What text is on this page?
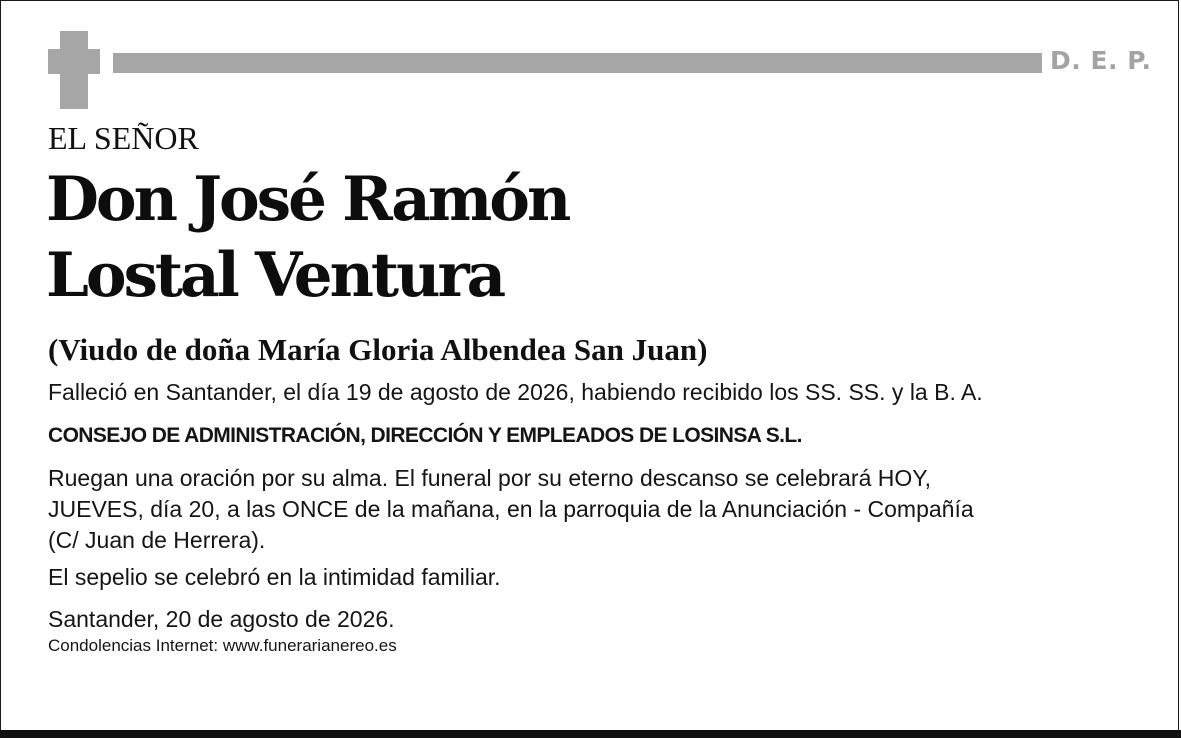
D. E. P.
EL SEÑOR
Don José Ramón
Lostal Ventura
(Viudo de doña María Gloria Albendea San Juan)
Falleció en Santander, el día 19 de agosto de 2026, habiendo recibido los SS. SS. y la B. A.
CONSEJO DE ADMINISTRACIÓN, DIRECCIÓN Y EMPLEADOS DE LOSINSA S.L.
Ruegan una oración por su alma. El funeral por su eterno descanso se celebrará HOY,
JUEVES, día 20, a las ONCE de la mañana, en la parroquia de la Anunciación - Compañía
(C/ Juan de Herrera).
El sepelio se celebró en la intimidad familiar.
Santander, 20 de agosto de 2026.
Condolencias Internet: www.funerarianereo.es
